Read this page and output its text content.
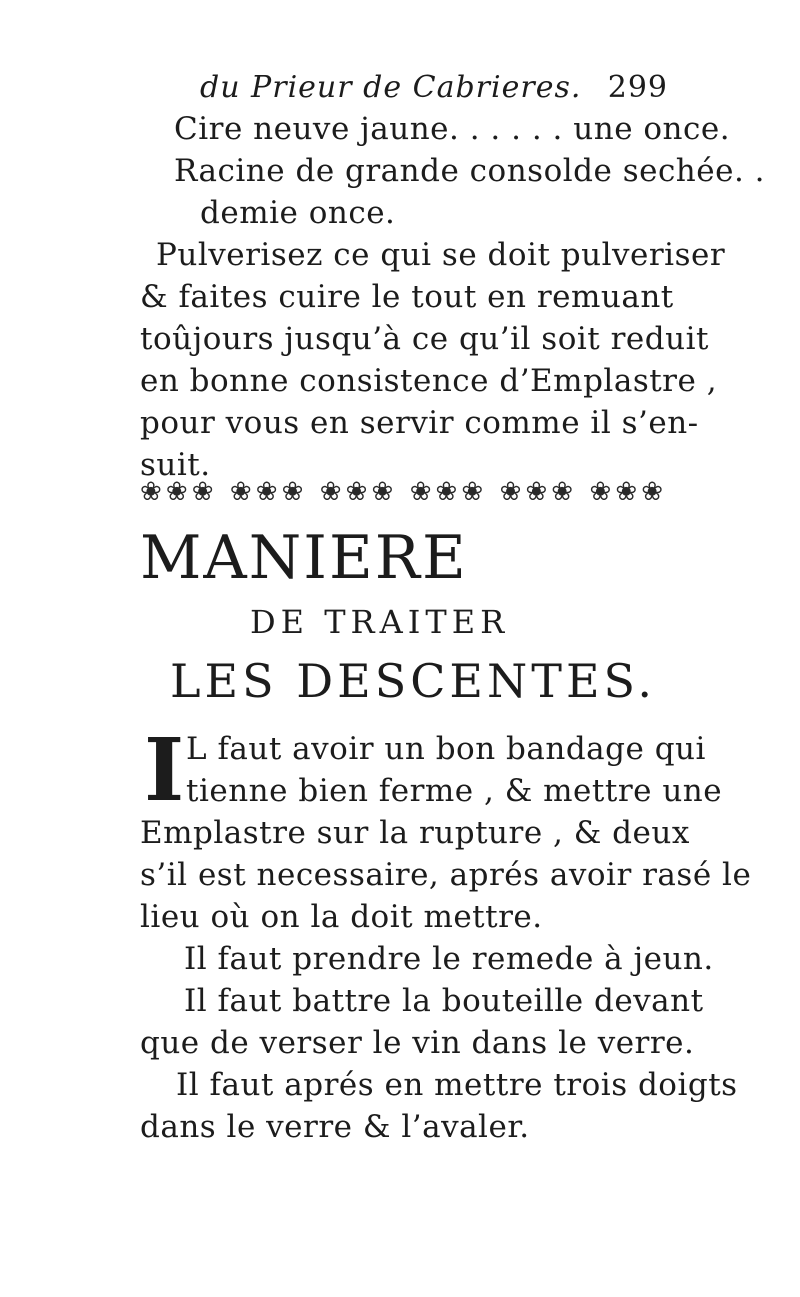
du Prieur de Cabrieres. 299
Cire neuve jaune. . . . . . une once.
Racine de grande consolde sechée. .
demie once.
Pulverisez ce qui se doit pulveriser
& faites cuire le tout en remuant
toûjours jusqu’à ce qu’il soit reduit
en bonne consistence d’Emplastre ,
pour vous en servir comme il s’en-
suit.
❀❀❀ ❀❀❀ ❀❀❀ ❀❀❀ ❀❀❀ ❀❀❀
MANIERE
DE TRAITER
LES DESCENTES.
I L faut avoir un bon bandage qui
tienne bien ferme , & mettre une
Emplastre sur la rupture , & deux
s’il est necessaire, aprés avoir rasé le
lieu où on la doit mettre.
Il faut prendre le remede à jeun.
Il faut battre la bouteille devant
que de verser le vin dans le verre.
Il faut aprés en mettre trois doigts
dans le verre & l’avaler.
